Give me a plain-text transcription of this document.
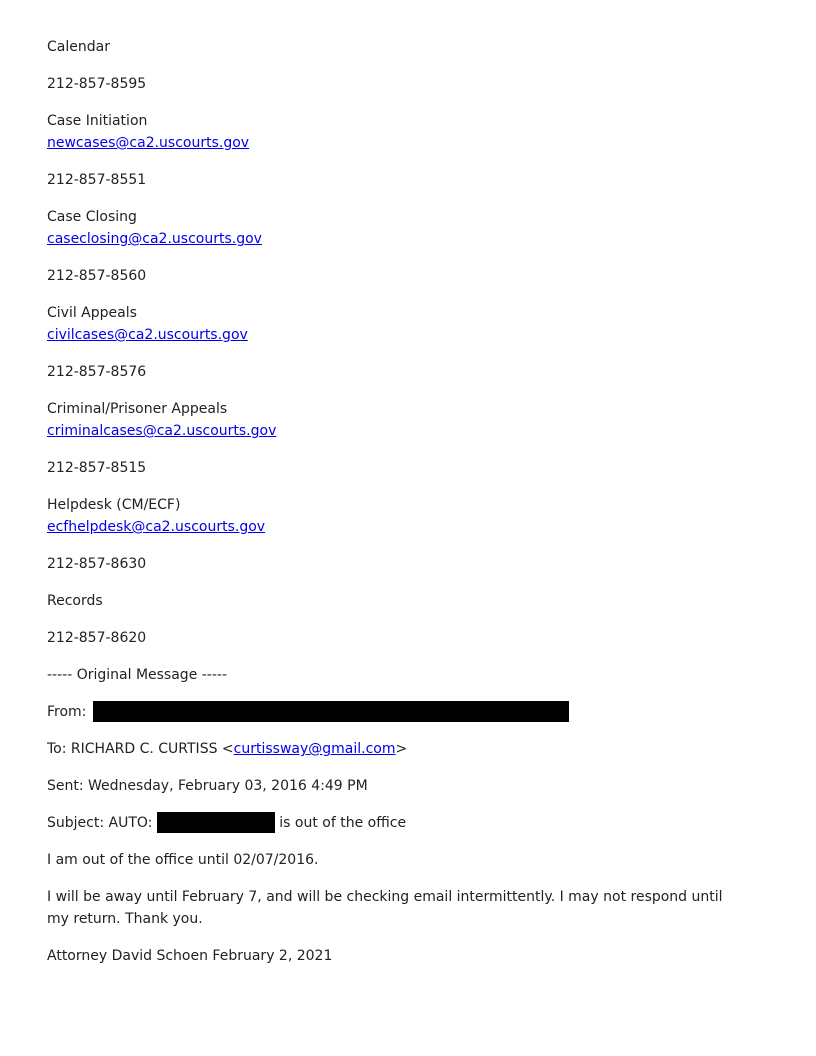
Calendar

212-857-8595

Case Initiation

newcases@ca2.uscourts.gov

212-857-8551

Case Closing

caseclosing@ca2.uscourts.gov

212-857-8560

Civil Appeals

civilcases@ca2.uscourts.gov

212-857-8576

Criminal/Prisoner Appeals

criminalcases@ca2.uscourts.gov

212-857-8515

Helpdesk (CM/ECF)

ecfhelpdesk@ca2.uscourts.gov

212-857-8630

Records

212-857-8620

----- Original Message -----

From:

To: RICHARD C. CURTISS <curtissway@gmail.com>

Sent: Wednesday, February 03, 2016 4:49 PM

Subject: AUTO:	is out of the office

I am out of the office until 02/07/2016.

I will be away until February 7, and will be checking email intermittently. I may not respond until my return. Thank you.

Attorney David Schoen February 2, 2021
